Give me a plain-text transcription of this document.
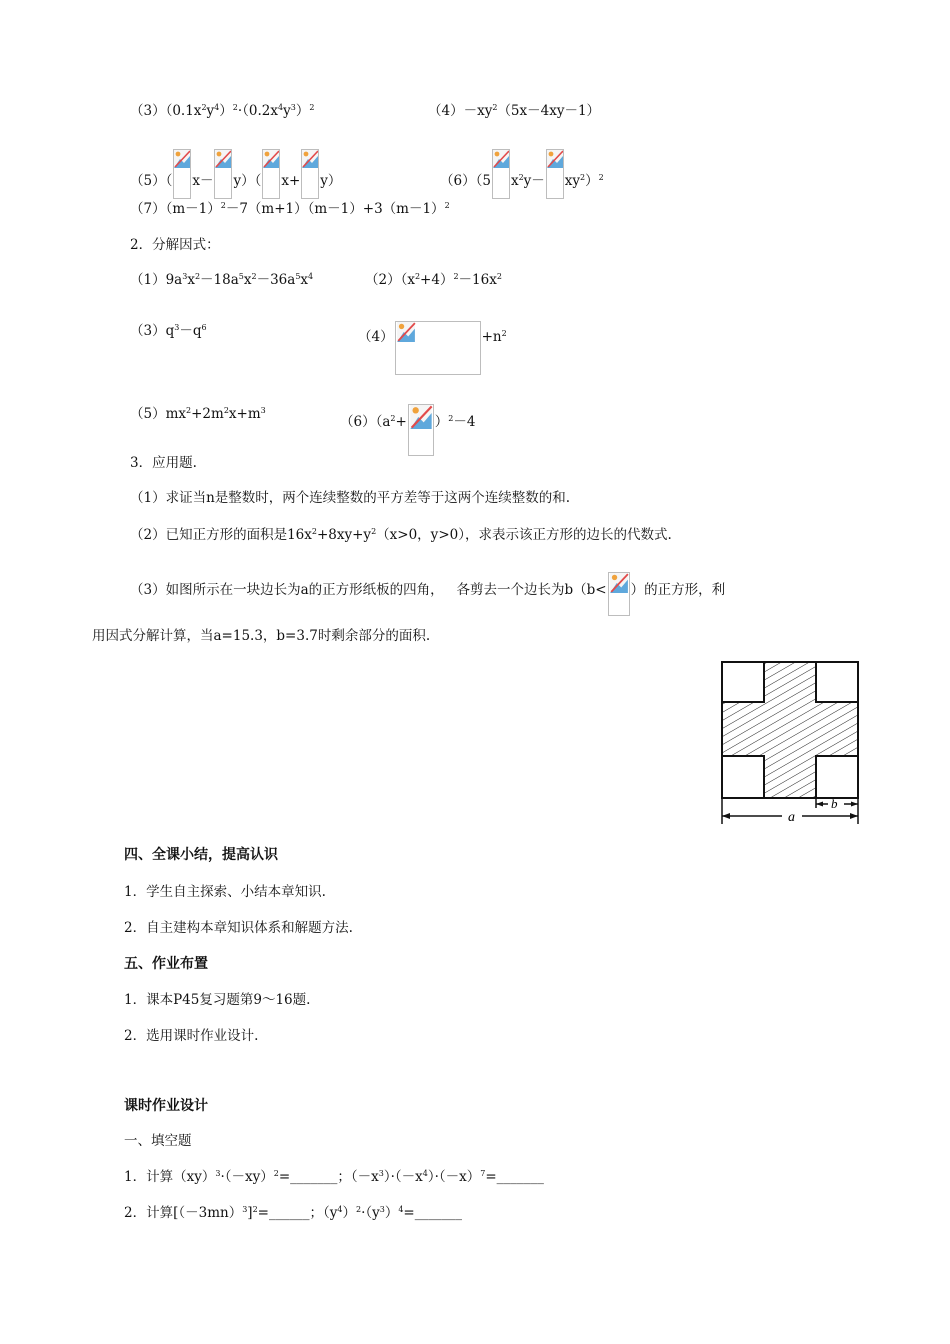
$(3)(0.1x^2y^4)^2\cdot(0.2x^4y^3)^2$	$(4)-xy^2(5x-4xy-1)$
（5）（ x－ y）（ x+ y）	（6）（5 $x^2y- xy^2)^2$
$(7)(m-1)^2-7(m+1)(m-1)+3(m-1)^2$
2．分解因式：
$(1)9a^3x^2-18a^5x^2-36a^5x^4$	$(2)(x^2+4)^2-16x^2$
$(3)q^3-q^6$
（4）	$+n^2$
$(5)mx^2+2m^2x+m^3$
$(6)(a^2+ )^2-4$
3．应用题.
（1）求证当n是整数时，两个连续整数的平方差等于这两个连续整数的和.
（2）已知正方形的面积是$16x^2+8xy+y^2(x>0$，y>0），求表示该正方形的边长的代数式.
（3）如图所示在一块边长为a的正方形纸板的四角，   各剪去一个边长为b（b< ）的正方形，利
用因式分解计算，当a=15.3，b=3.7时剩余部分的面积.
a
b
四、全课小结，提高认识
1．学生自主探索、小结本章知识.
2．自主建构本章知识体系和解题方法.
五、作业布置
1．课本P45复习题第9～16题.
2．选用课时作业设计.
课时作业设计
一、填空题
1．计算$(xy)^3\cdot(-xy)^2=\_\_\_\_\_\_\_$；$(-x^3)\cdot(-x^4)\cdot(-x)^7=\_\_\_\_\_\_\_$
2．计算$[(-3mn)^3]^2=\_\_\_\_\_\_$；$(y^4)^2\cdot(y^3)^4=\_\_\_\_\_\_\_$
